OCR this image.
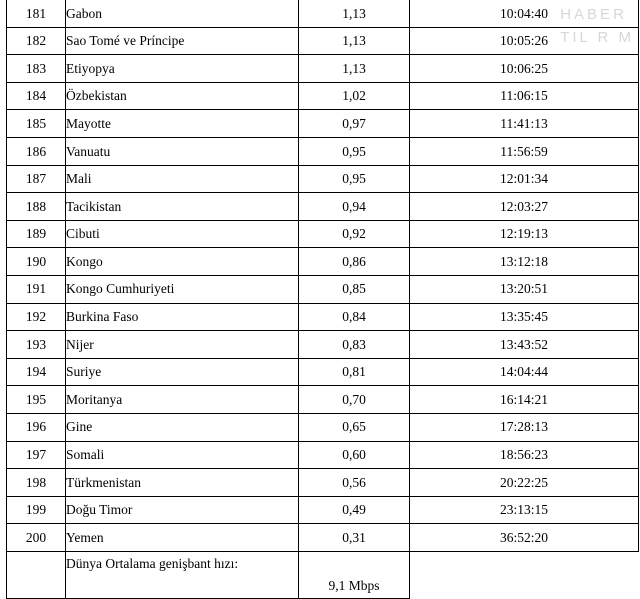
HABER
TIL R M
181	Gabon	1,13	10:04:40
182	Sao Tomé ve Príncipe	1,13	10:05:26
183	Etiyopya	1,13	10:06:25
184	Özbekistan	1,02	11:06:15
185	Mayotte	0,97	11:41:13
186	Vanuatu	0,95	11:56:59
187	Mali	0,95	12:01:34
188	Tacikistan	0,94	12:03:27
189	Cibuti	0,92	12:19:13
190	Kongo	0,86	13:12:18
191	Kongo Cumhuriyeti	0,85	13:20:51
192	Burkina Faso	0,84	13:35:45
193	Nijer	0,83	13:43:52
194	Suriye	0,81	14:04:44
195	Moritanya	0,70	16:14:21
196	Gine	0,65	17:28:13
197	Somali	0,60	18:56:23
198	Türkmenistan	0,56	20:22:25
199	Doğu Timor	0,49	23:13:15
200	Yemen	0,31	36:52:20
	Dünya Ortalama genişbant hızı:	9,1 Mbps	
